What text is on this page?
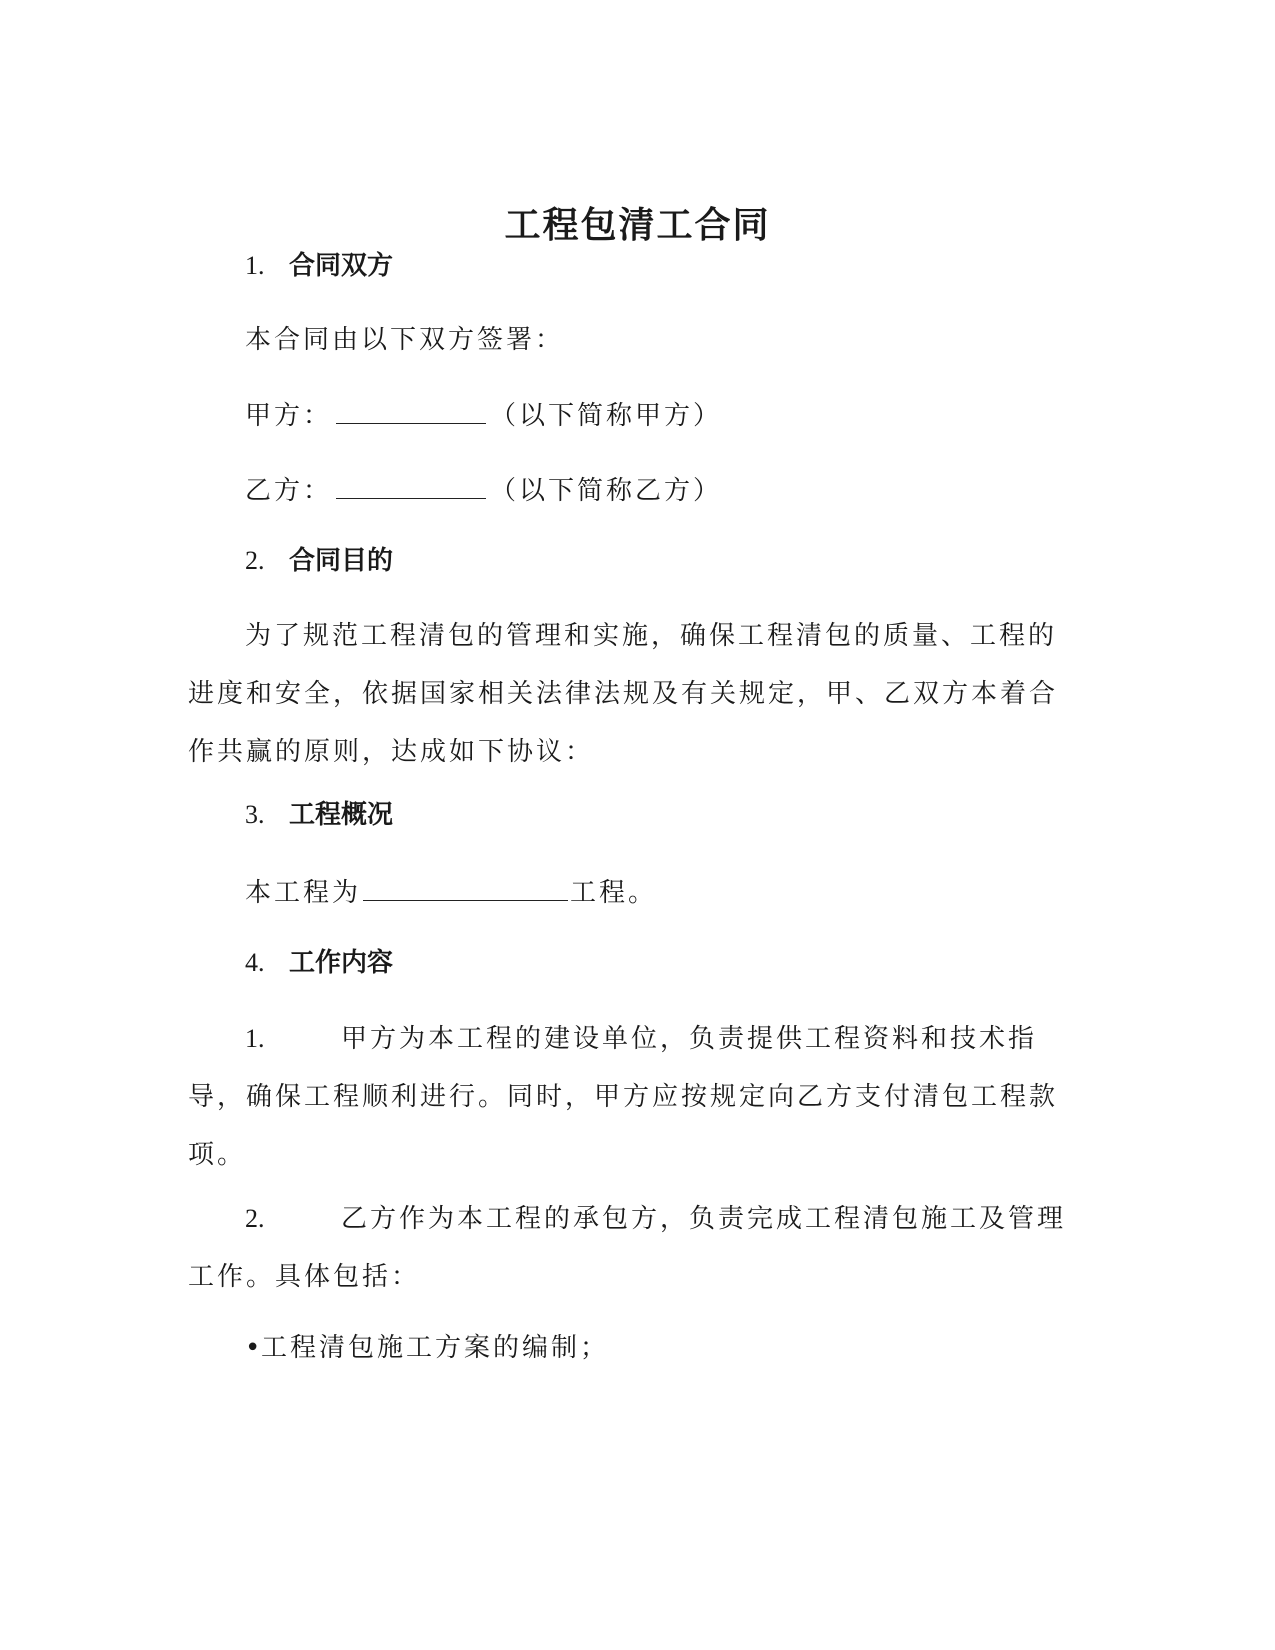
工程包清工合同
1. 合同双方
本合同由以下双方签署：
甲方：	（以下简称甲方）
乙方：	（以下简称乙方）
2. 合同目的
为了规范工程清包的管理和实施，确保工程清包的质量、工程的进度和安全，依据国家相关法律法规及有关规定，甲、乙双方本着合作共赢的原则，达成如下协议：
3. 工程概况
本工程为	工程。
4. 工作内容
1.	甲方为本工程的建设单位，负责提供工程资料和技术指导，确保工程顺利进行。同时，甲方应按规定向乙方支付清包工程款项。
2.	乙方作为本工程的承包方，负责完成工程清包施工及管理工作。具体包括：
•工程清包施工方案的编制；
